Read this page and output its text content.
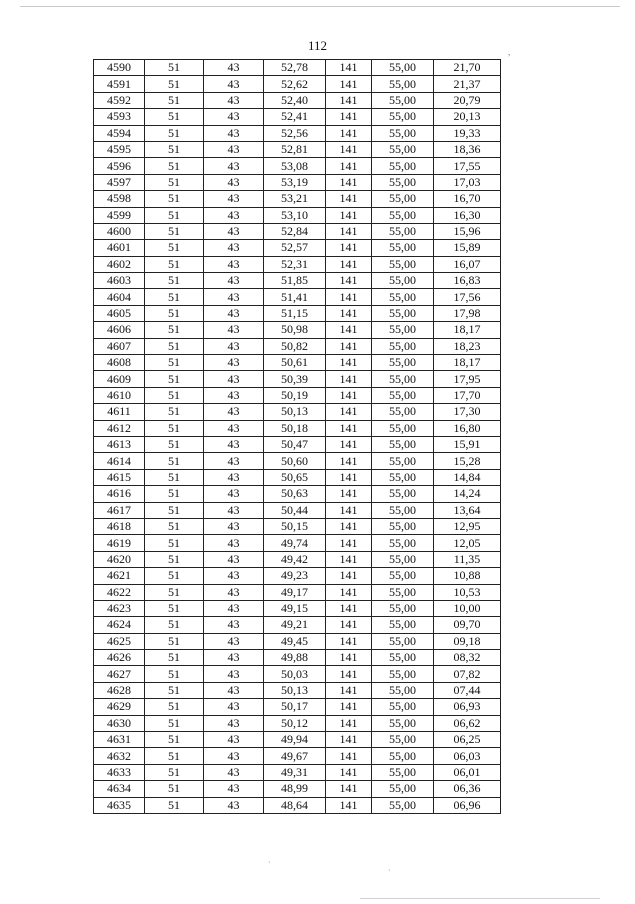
112	,
4590	51	43	52,78	141	55,00	21,70
4591	51	43	52,62	141	55,00	21,37
4592	51	43	52,40	141	55,00	20,79
4593	51	43	52,41	141	55,00	20,13
4594	51	43	52,56	141	55,00	19,33
4595	51	43	52,81	141	55,00	18,36
4596	51	43	53,08	141	55,00	17,55
4597	51	43	53,19	141	55,00	17,03
4598	51	43	53,21	141	55,00	16,70
4599	51	43	53,10	141	55,00	16,30
4600	51	43	52,84	141	55,00	15,96
4601	51	43	52,57	141	55,00	15,89
4602	51	43	52,31	141	55,00	16,07
4603	51	43	51,85	141	55,00	16,83
4604	51	43	51,41	141	55,00	17,56
4605	51	43	51,15	141	55,00	17,98
4606	51	43	50,98	141	55,00	18,17
4607	51	43	50,82	141	55,00	18,23
4608	51	43	50,61	141	55,00	18,17
4609	51	43	50,39	141	55,00	17,95
4610	51	43	50,19	141	55,00	17,70
4611	51	43	50,13	141	55,00	17,30
4612	51	43	50,18	141	55,00	16,80
4613	51	43	50,47	141	55,00	15,91
4614	51	43	50,60	141	55,00	15,28
4615	51	43	50,65	141	55,00	14,84
4616	51	43	50,63	141	55,00	14,24
4617	51	43	50,44	141	55,00	13,64
4618	51	43	50,15	141	55,00	12,95
4619	51	43	49,74	141	55,00	12,05
4620	51	43	49,42	141	55,00	11,35
4621	51	43	49,23	141	55,00	10,88
4622	51	43	49,17	141	55,00	10,53
4623	51	43	49,15	141	55,00	10,00
4624	51	43	49,21	141	55,00	09,70
4625	51	43	49,45	141	55,00	09,18
4626	51	43	49,88	141	55,00	08,32
4627	51	43	50,03	141	55,00	07,82
4628	51	43	50,13	141	55,00	07,44
4629	51	43	50,17	141	55,00	06,93
4630	51	43	50,12	141	55,00	06,62
4631	51	43	49,94	141	55,00	06,25
4632	51	43	49,67	141	55,00	06,03
4633	51	43	49,31	141	55,00	06,01
4634	51	43	48,99	141	55,00	06,36
4635	51	43	48,64	141	55,00	06,96
·
·
